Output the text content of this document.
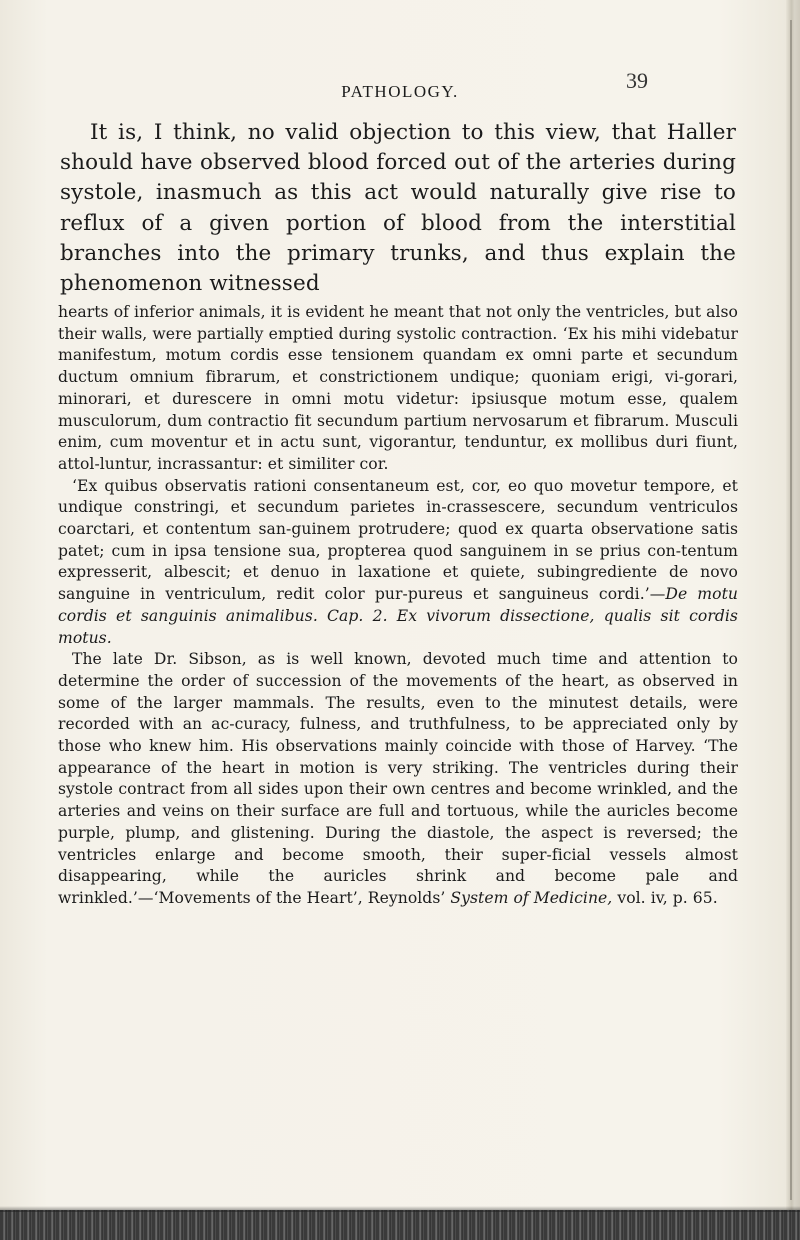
PATHOLOGY.	39

It is, I think, no valid objection to this view, that Haller should have observed blood forced out of the arteries during systole, inasmuch as this act would naturally give rise to reflux of a given portion of blood from the interstitial branches into the primary trunks, and thus explain the phenomenon witnessed

hearts of inferior animals, it is evident he meant that not only the ventricles, but also their walls, were partially emptied during systolic contraction. ‘Ex his mihi videbatur manifestum, motum cordis esse tensionem quandam ex omni parte et secundum ductum omnium fibrarum, et constrictionem undique; quoniam erigi, vi-gorari, minorari, et durescere in omni motu videtur: ipsiusque motum esse, qualem musculorum, dum contractio fit secundum partium nervosarum et fibrarum. Musculi enim, cum moventur et in actu sunt, vigorantur, tenduntur, ex mollibus duri fiunt, attol-luntur, incrassantur: et similiter cor.

‘Ex quibus observatis rationi consentaneum est, cor, eo quo movetur tempore, et undique constringi, et secundum parietes in-crassescere, secundum ventriculos coarctari, et contentum san-guinem protrudere; quod ex quarta observatione satis patet; cum in ipsa tensione sua, propterea quod sanguinem in se prius con-tentum expresserit, albescit; et denuo in laxatione et quiete, subingrediente de novo sanguine in ventriculum, redit color pur-pureus et sanguineus cordi.’—De motu cordis et sanguinis animalibus. Cap. 2. Ex vivorum dissectione, qualis sit cordis motus.

The late Dr. Sibson, as is well known, devoted much time and attention to determine the order of succession of the movements of the heart, as observed in some of the larger mammals. The results, even to the minutest details, were recorded with an ac-curacy, fulness, and truthfulness, to be appreciated only by those who knew him. His observations mainly coincide with those of Harvey. ‘The appearance of the heart in motion is very striking. The ventricles during their systole contract from all sides upon their own centres and become wrinkled, and the arteries and veins on their surface are full and tortuous, while the auricles become purple, plump, and glistening. During the diastole, the aspect is reversed; the ventricles enlarge and become smooth, their super-ficial vessels almost disappearing, while the auricles shrink and become pale and wrinkled.’—‘Movements of the Heart’, Reynolds’ System of Medicine, vol. iv, p. 65.
